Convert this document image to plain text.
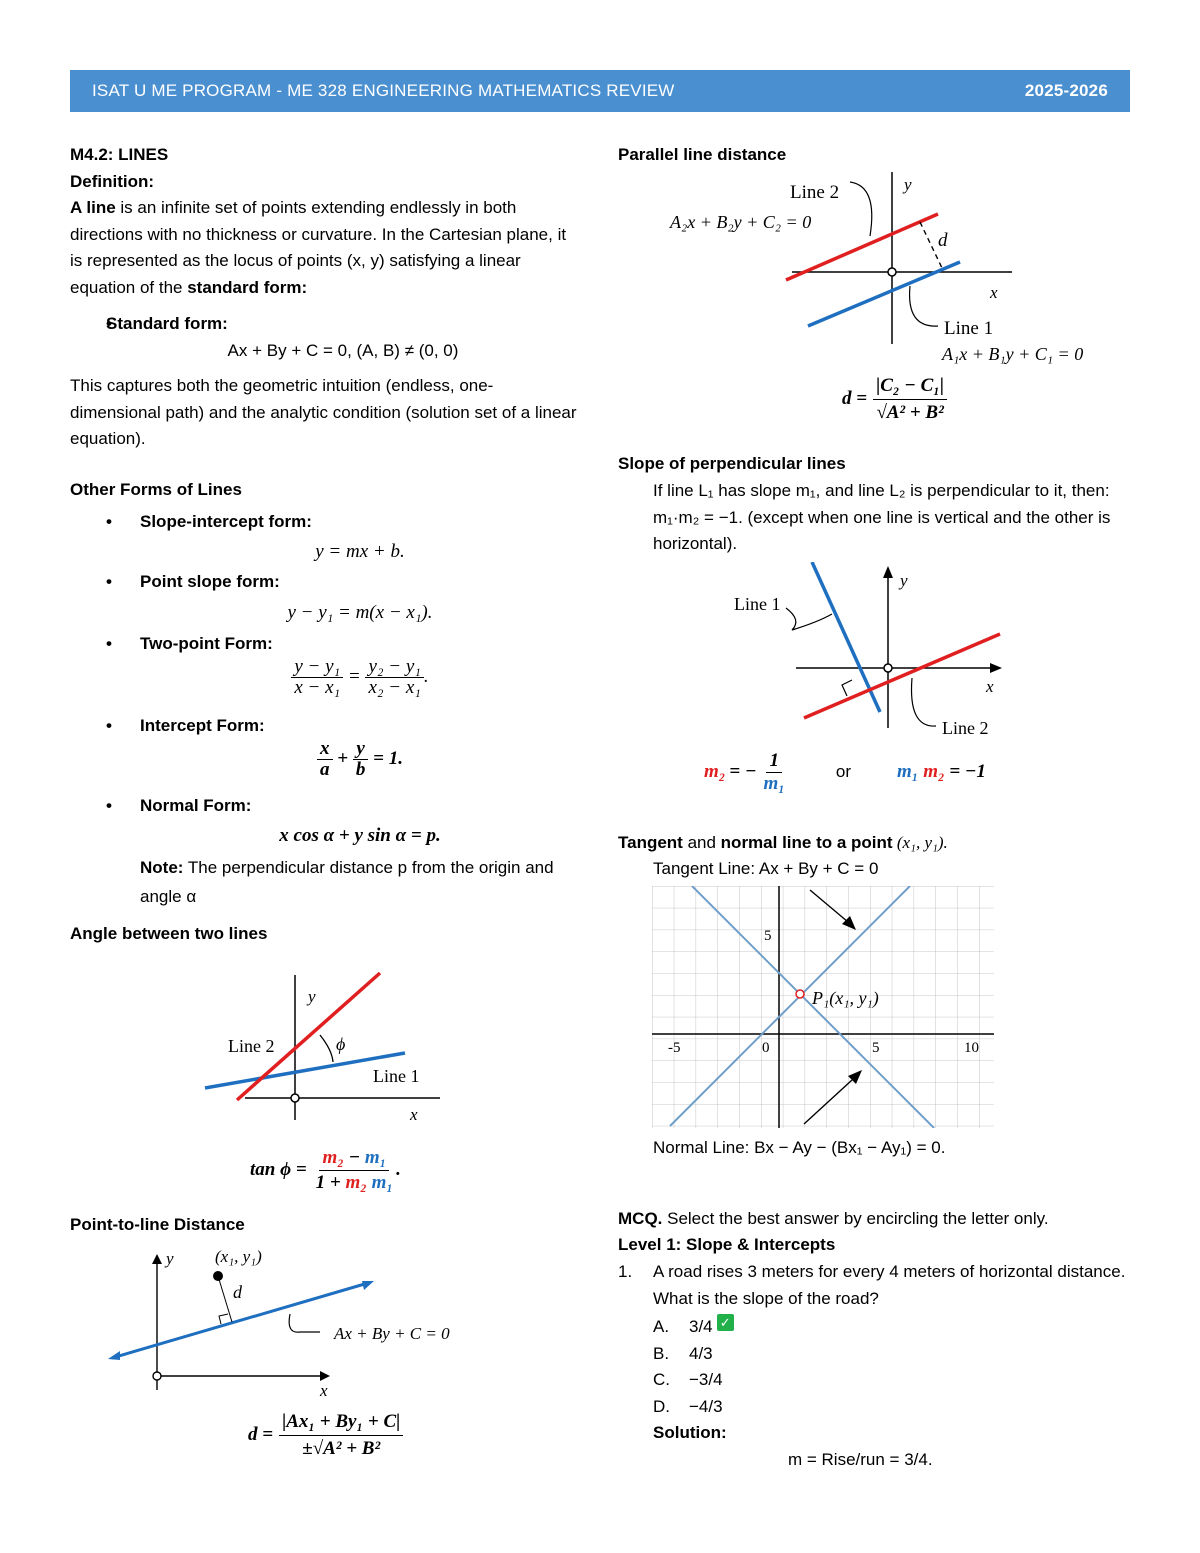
ISAT U ME PROGRAM - ME 328 ENGINEERING MATHEMATICS REVIEW	2025-2026

M4.2: LINES

Definition:

A line is an infinite set of points extending endlessly in both directions with no thickness or curvature. In the Cartesian plane, it is represented as the locus of points (x, y) satisfying a linear equation of the standard form:

• Standard form:
Ax + By + C = 0, (A, B) ≠ (0, 0)

This captures both the geometric intuition (endless, one-dimensional path) and the analytic condition (solution set of a linear equation).

Other Forms of Lines

• Slope-intercept form:
y = mx + b.
• Point slope form:
y − y₁ = m(x − x₁).
• Two-point Form:
$\frac{\text{y − y₁}}{\text{x − x₁}} = \frac{\text{y₂ − y₁}}{\text{x₂ − x₁}}$ .
• Intercept Form:
$\frac{x}{a} + \frac{y}{b} = 1$.
• Normal Form:
x cos α + y sin α = p.

Note: The perpendicular distance p from the origin and angle α

Angle between two lines

y
x
Line 2
Line 1
ϕ
$\tan \phi = \frac{\text{m₂ − m₁}}{\text{1 + m₂ m₁}}$ .

Point-to-line Distance

y (x₁, y₁)
d
Ax + By + C = 0
x
$d = \frac{\text{|Ax₁ + By₁ + C|}}{\text{±√A² + B²}}$

Parallel line distance

Line 2
A₂x + B₂y + C₂ = 0
y
d
x
Line 1
A₁x + B₁y + C₁ = 0
$d = \frac{\text{|C₂ − C₁|}}{\text{√A² + B²}}$

Slope of perpendicular lines

If line L₁ has slope m₁, and line L₂ is perpendicular to it, then: m₁·m₂ = −1. (except when one line is vertical and the other is horizontal).

Line 1
y
x
Line 2
m₂ = − $\frac{1}{\text{m₁}}$	or m₁
m₂
= −1

Tangent and normal line to a point (x₁, y₁).

Tangent Line: Ax + By + C = 0

5
-5	0	5	10
P₁(x₁, y₁)

Normal Line: Bx − Ay − (Bx₁ − Ay₁) = 0.

MCQ. Select the best answer by encircling the letter only.

Level 1: Slope & Intercepts

1.	A road rises 3 meters for every 4 meters of horizontal distance. What is the slope of the road?

A.	3/4 ✓
B.	4/3
C.	−3/4
D.	−4/3

Solution:

m = Rise/run = 3/4.
